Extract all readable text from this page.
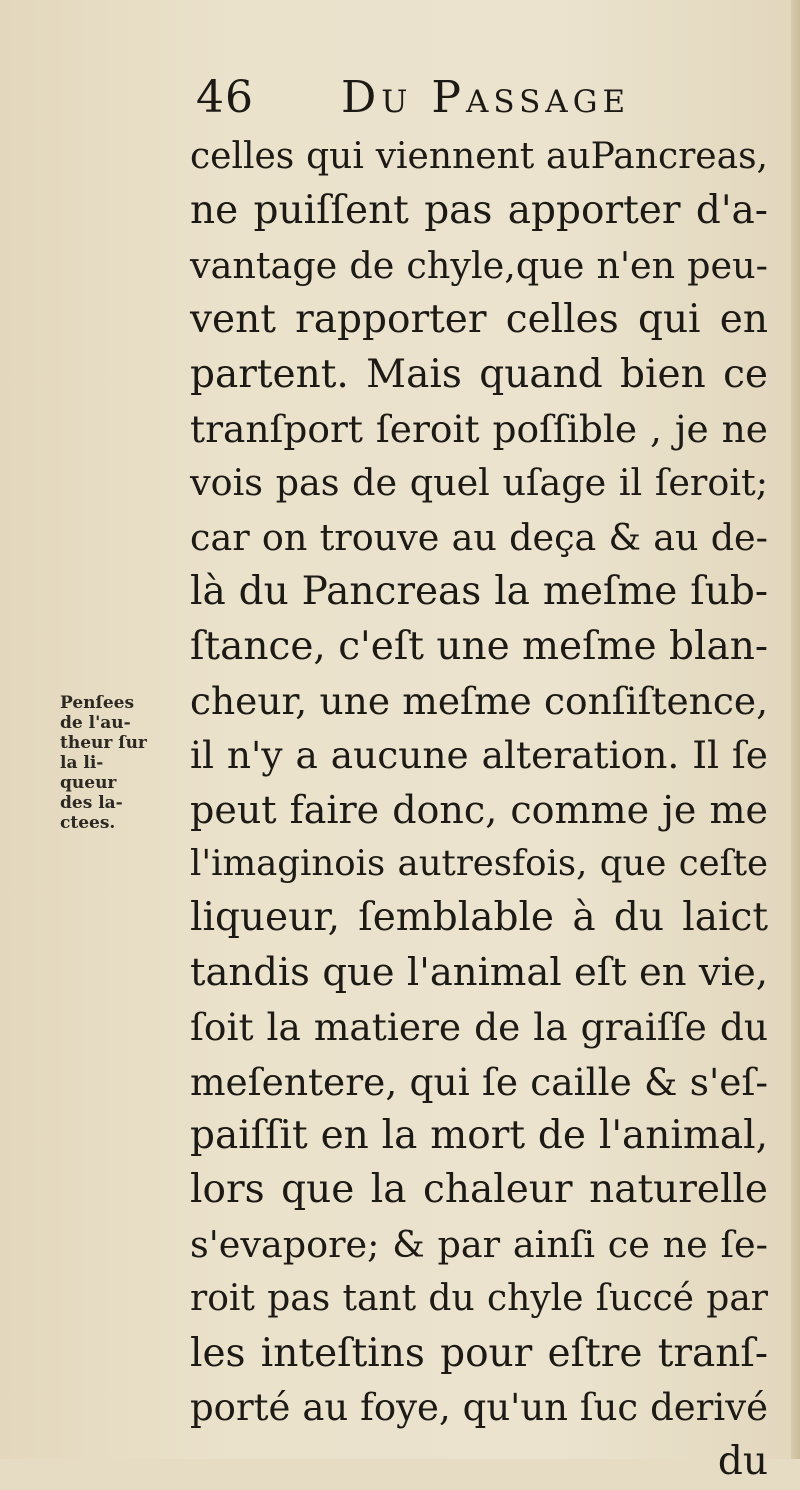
46 Du Passage
Penſees
de l'au-
theur ſur
la li-
queur
des la-
ctees.
celles qui viennent auPancreas,
ne puiſſent pas apporter d'a-
vantage de chyle,que n'en peu-
vent rapporter celles qui en
partent. Mais quand bien ce
tranſport ſeroit poſſible , je ne
vois pas de quel uſage il ſeroit;
car on trouve au deça & au de-
là du Pancreas la meſme ſub-
ſtance, c'eſt une meſme blan-
cheur, une meſme conſiſtence,
il n'y a aucune alteration. Il ſe
peut faire donc, comme je me
l'imaginois autresfois, que ceſte
liqueur, ſemblable à du laict
tandis que l'animal eſt en vie,
ſoit la matiere de la graiſſe du
meſentere, qui ſe caille & s'eſ-
paiſſit en la mort de l'animal,
lors que la chaleur naturelle
s'evapore; & par ainſi ce ne ſe-
roit pas tant du chyle ſuccé par
les inteſtins pour eſtre tranſ-
porté au foye, qu'un ſuc derivé
du
